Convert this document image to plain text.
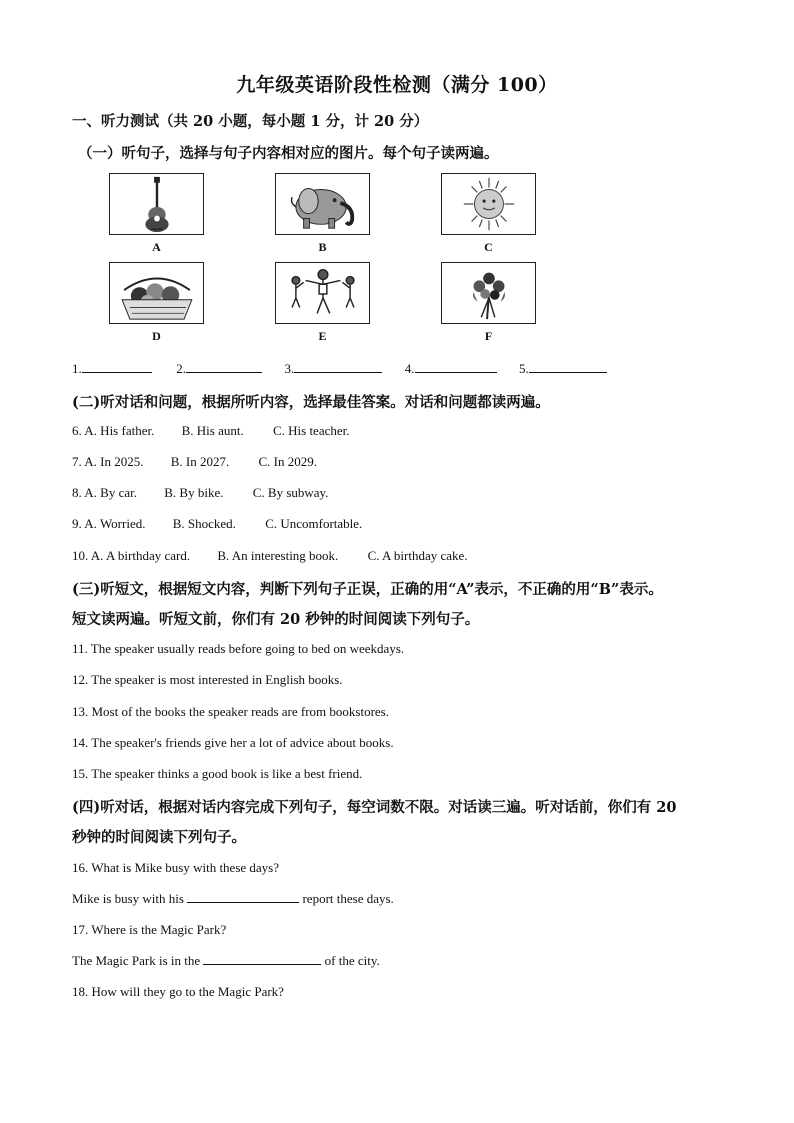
九年级英语阶段性检测（满分 100）
一、听力测试（共 20 小题，每小题 1 分，计 20 分）
（一）听句子，选择与句子内容相对应的图片。每个句子读两遍。
A	B	C
D	E	F
1.	2.	3.	4.	5.
(二)听对话和问题，根据所听内容，选择最佳答案。对话和问题都读两遍。
6. A. His father. B. His aunt. C. His teacher.
7. A. In 2025. B. In 2027. C. In 2029.
8. A. By car. B. By bike. C. By subway.
9. A. Worried. B. Shocked. C. Uncomfortable.
10. A. A birthday card. B. An interesting book. C. A birthday cake.
(三)听短文，根据短文内容，判断下列句子正误，正确的用“A”表示，不正确的用“B”表示。
短文读两遍。听短文前，你们有 20 秒钟的时间阅读下列句子。
11. The speaker usually reads before going to bed on weekdays.
12. The speaker is most interested in English books.
13. Most of the books the speaker reads are from bookstores.
14. The speaker's friends give her a lot of advice about books.
15. The speaker thinks a good book is like a best friend.
(四)听对话，根据对话内容完成下列句子，每空词数不限。对话读三遍。听对话前，你们有 20
秒钟的时间阅读下列句子。
16. What is Mike busy with these days?
Mike is busy with his	report these days.
17. Where is the Magic Park?
The Magic Park is in the	of the city.
18. How will they go to the Magic Park?
